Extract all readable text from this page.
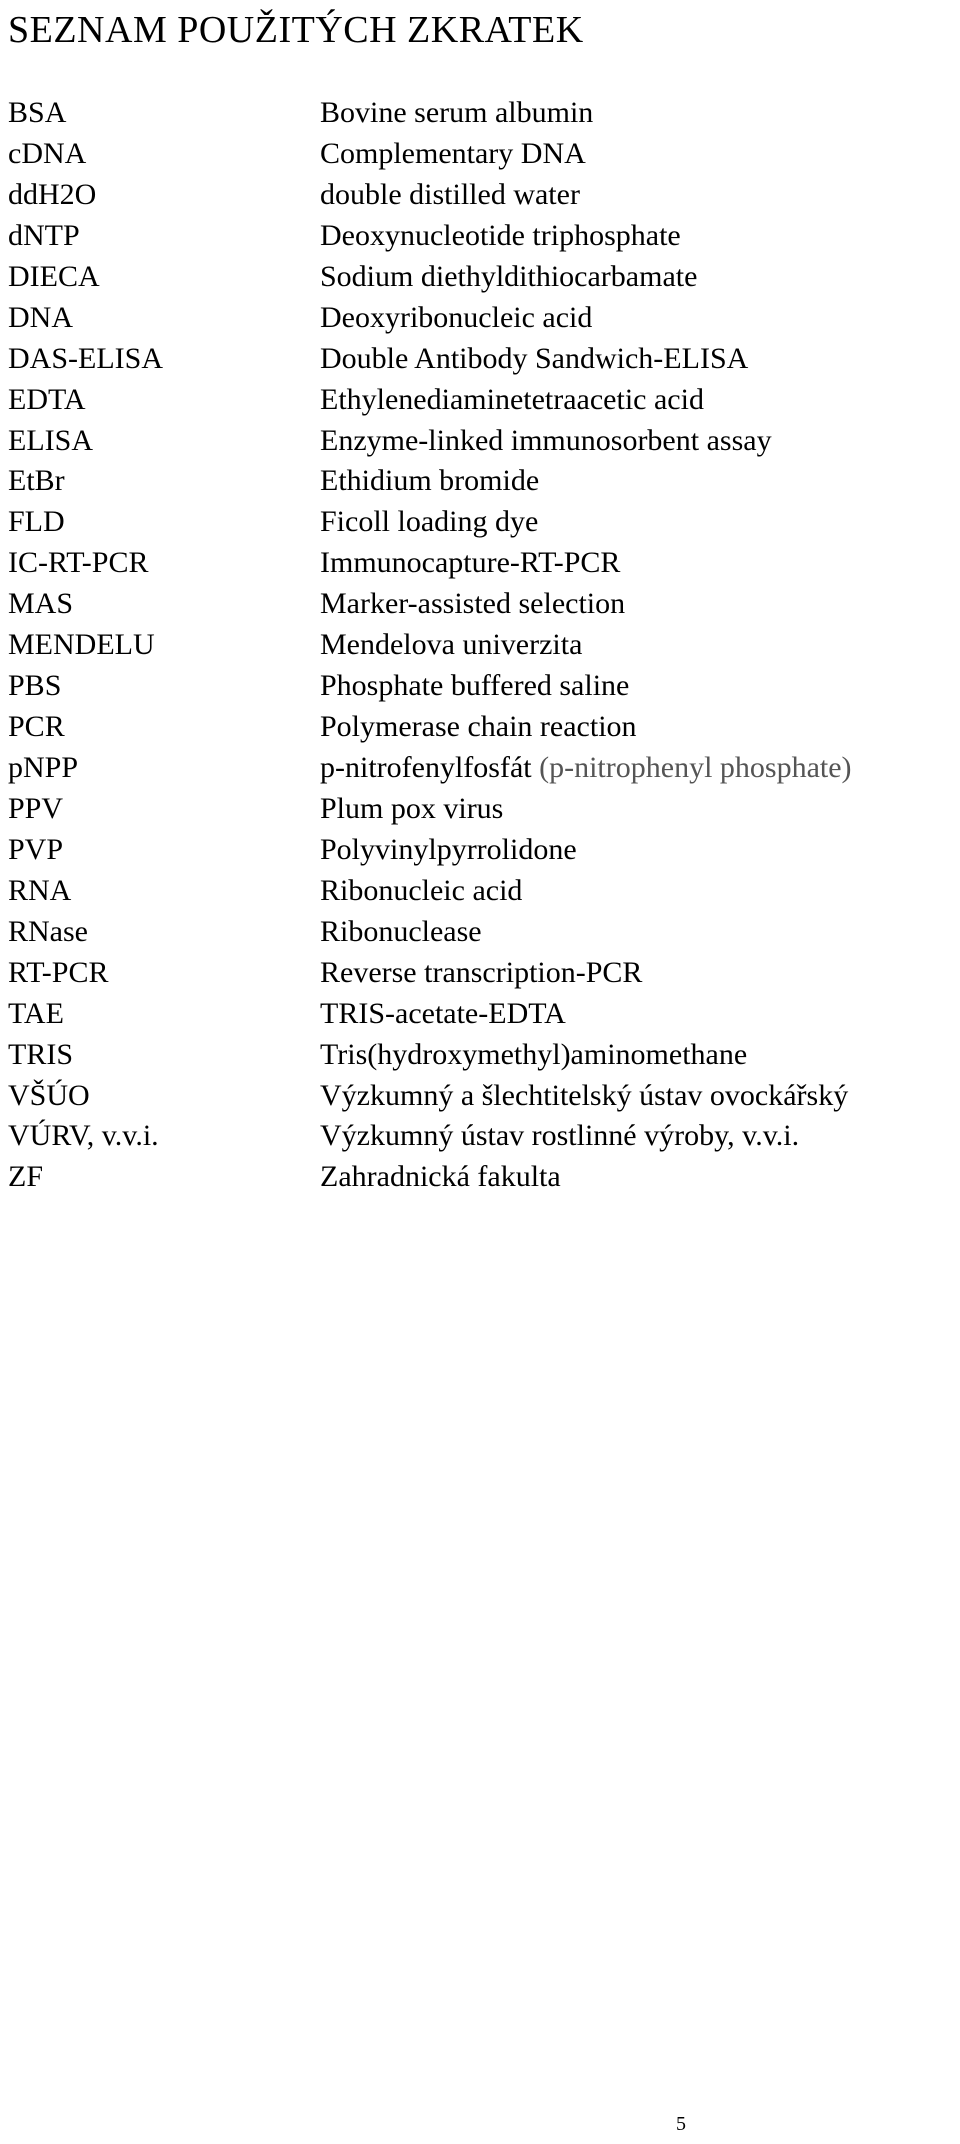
SEZNAM POUŽITÝCH ZKRATEK
BSA	Bovine serum albumin
cDNA	Complementary DNA
ddH2O	double distilled water
dNTP	Deoxynucleotide triphosphate
DIECA	Sodium diethyldithiocarbamate
DNA	Deoxyribonucleic acid
DAS-ELISA	Double Antibody Sandwich-ELISA
EDTA	Ethylenediaminetetraacetic acid
ELISA	Enzyme-linked immunosorbent assay
EtBr	Ethidium bromide
FLD	Ficoll loading dye
IC-RT-PCR	Immunocapture-RT-PCR
MAS	Marker-assisted selection
MENDELU	Mendelova univerzita
PBS	Phosphate buffered saline
PCR	Polymerase chain reaction
pNPP	p-nitrofenylfosfát (p-nitrophenyl phosphate)
PPV	Plum pox virus
PVP	Polyvinylpyrrolidone
RNA	Ribonucleic acid
RNase	Ribonuclease
RT-PCR	Reverse transcription-PCR
TAE	TRIS-acetate-EDTA
TRIS	Tris(hydroxymethyl)aminomethane
VŠÚO	Výzkumný a šlechtitelský ústav ovockářský
VÚRV, v.v.i.	Výzkumný ústav rostlinné výroby, v.v.i.
ZF	Zahradnická fakulta
5
